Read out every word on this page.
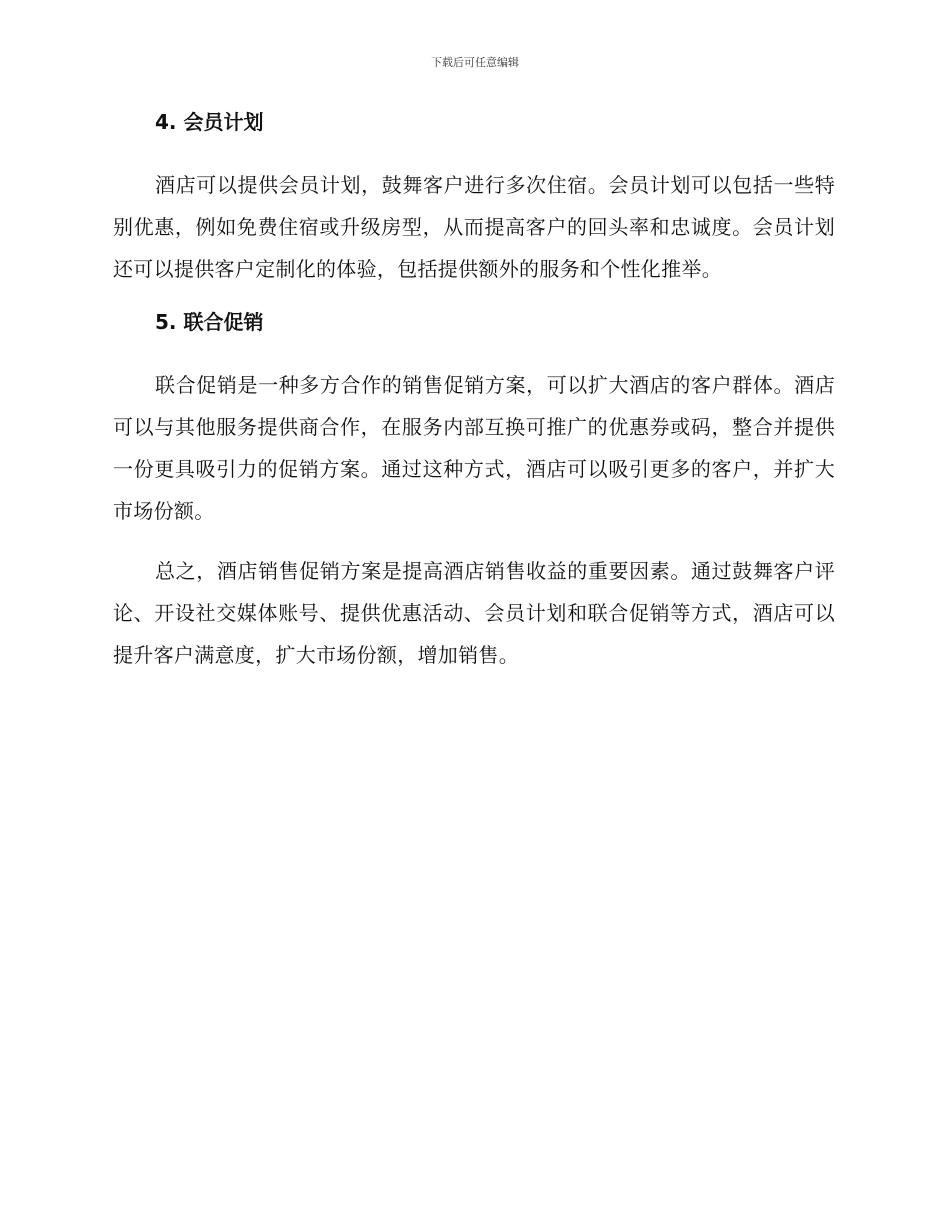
下载后可任意编辑
4. 会员计划

酒店可以提供会员计划，鼓舞客户进行多次住宿。会员计划可以包括一些特别优惠，例如免费住宿或升级房型，从而提高客户的回头率和忠诚度。会员计划还可以提供客户定制化的体验，包括提供额外的服务和个性化推举。

5. 联合促销

联合促销是一种多方合作的销售促销方案，可以扩大酒店的客户群体。酒店可以与其他服务提供商合作，在服务内部互换可推广的优惠券或码，整合并提供一份更具吸引力的促销方案。通过这种方式，酒店可以吸引更多的客户，并扩大市场份额。

总之，酒店销售促销方案是提高酒店销售收益的重要因素。通过鼓舞客户评论、开设社交媒体账号、提供优惠活动、会员计划和联合促销等方式，酒店可以提升客户满意度，扩大市场份额，增加销售。
